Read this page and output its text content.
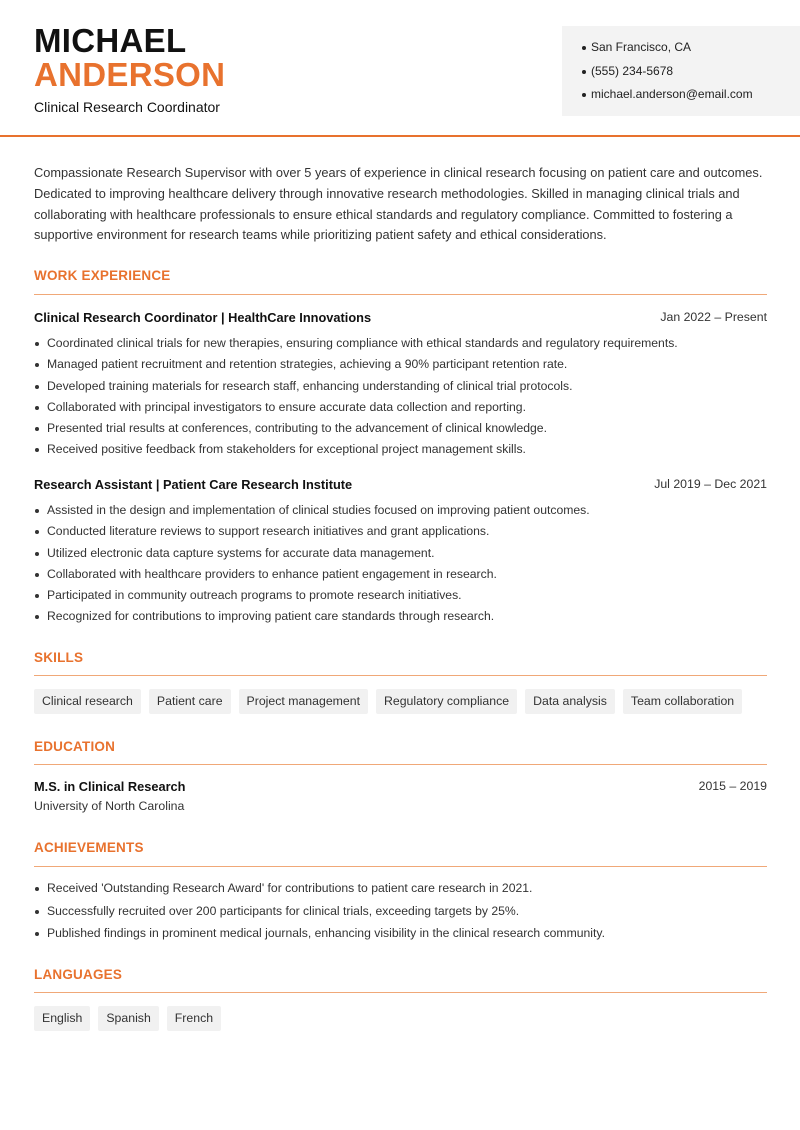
MICHAEL
ANDERSON
Clinical Research Coordinator
San Francisco, CA
(555) 234-5678
michael.anderson@email.com
Compassionate Research Supervisor with over 5 years of experience in clinical research focusing on patient care and outcomes. Dedicated to improving healthcare delivery through innovative research methodologies. Skilled in managing clinical trials and collaborating with healthcare professionals to ensure ethical standards and regulatory compliance. Committed to fostering a supportive environment for research teams while prioritizing patient safety and ethical considerations.
WORK EXPERIENCE
Clinical Research Coordinator | HealthCare Innovations	Jan 2022 – Present
Coordinated clinical trials for new therapies, ensuring compliance with ethical standards and regulatory requirements.
Managed patient recruitment and retention strategies, achieving a 90% participant retention rate.
Developed training materials for research staff, enhancing understanding of clinical trial protocols.
Collaborated with principal investigators to ensure accurate data collection and reporting.
Presented trial results at conferences, contributing to the advancement of clinical knowledge.
Received positive feedback from stakeholders for exceptional project management skills.
Research Assistant | Patient Care Research Institute	Jul 2019 – Dec 2021
Assisted in the design and implementation of clinical studies focused on improving patient outcomes.
Conducted literature reviews to support research initiatives and grant applications.
Utilized electronic data capture systems for accurate data management.
Collaborated with healthcare providers to enhance patient engagement in research.
Participated in community outreach programs to promote research initiatives.
Recognized for contributions to improving patient care standards through research.
SKILLS
Clinical research	Patient care	Project management	Regulatory compliance	Data analysis	Team collaboration
EDUCATION
M.S. in Clinical Research	2015 – 2019
University of North Carolina
ACHIEVEMENTS
Received 'Outstanding Research Award' for contributions to patient care research in 2021.
Successfully recruited over 200 participants for clinical trials, exceeding targets by 25%.
Published findings in prominent medical journals, enhancing visibility in the clinical research community.
LANGUAGES
English	Spanish	French
